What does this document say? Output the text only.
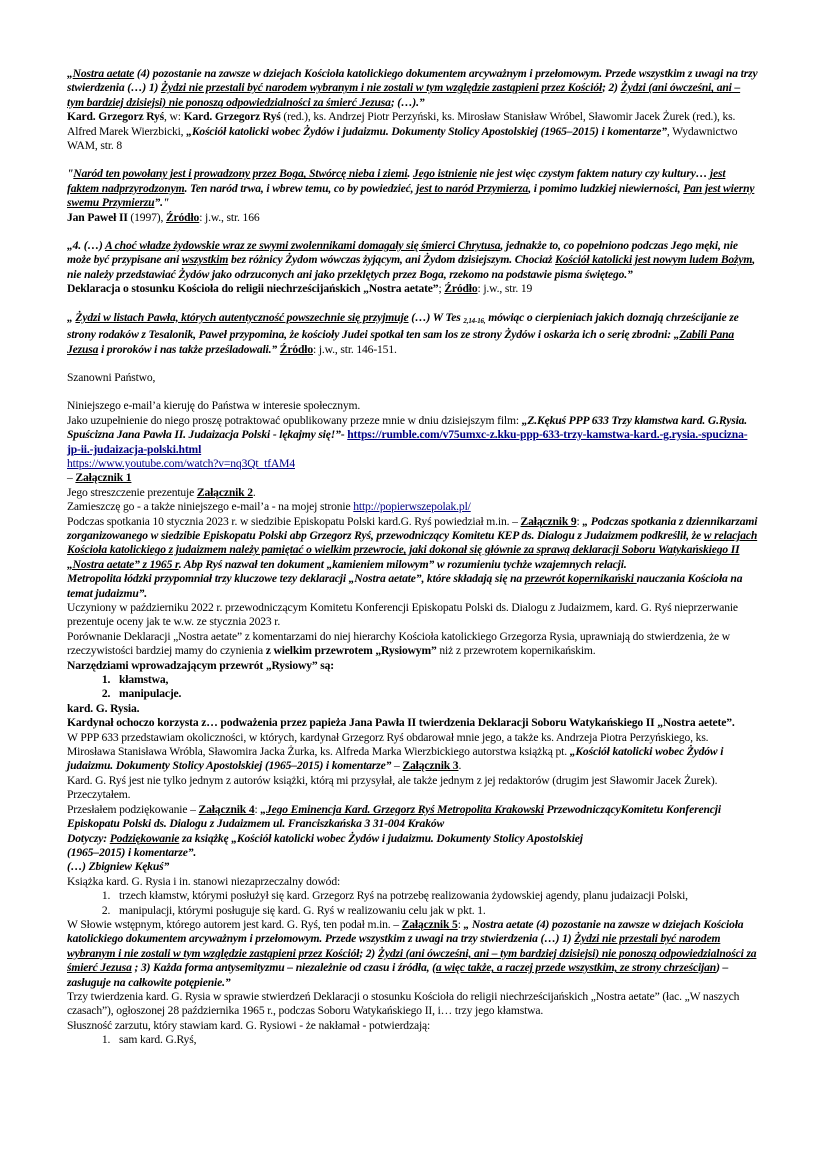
„Nostra aetate (4) pozostanie na zawsze w dziejach Kościoła katolickiego dokumentem arcyważnym i przełomowym. Przede wszystkim z uwagi na trzy stwierdzenia (…) 1) Żydzi nie przestali być narodem wybranym i nie zostali w tym względzie zastąpieni przez Kościół; 2) Żydzi (ani ówcześni, ani – tym bardziej dzisiejsi) nie ponoszą odpowiedzialności za śmierć Jezusa; (…).”

Kard. Grzegorz Ryś, w: Kard. Grzegorz Ryś (red.), ks. Andrzej Piotr Perzyński, ks. Mirosław Stanisław Wróbel, Sławomir Jacek Żurek (red.), ks. Alfred Marek Wierzbicki, „Kościół katolicki wobec Żydów i judaizmu. Dokumenty Stolicy Apostolskiej (1965–2015) i komentarze”, Wydawnictwo WAM, str. 8

"Naród ten powołany jest i prowadzony przez Boga, Stwórcę nieba i ziemi. Jego istnienie nie jest więc czystym faktem natury czy kultury… jest faktem nadprzyrodzonym. Ten naród trwa, i wbrew temu, co by powiedzieć, jest to naród Przymierza, i pomimo ludzkiej niewierności, Pan jest wierny swemu Przymierzu”."

Jan Paweł II (1997), Źródło: j.w., str. 166

„4. (…) A choć władze żydowskie wraz ze swymi zwolennikami domagały się śmierci Chrytusa, jednakże to, co popełniono podczas Jego męki, nie może być przypisane ani wszystkim bez różnicy Żydom wówczas żyjącym, ani Żydom dzisiejszym. Chociaż Kościół katolicki jest nowym ludem Bożym, nie należy przedstawiać Żydów jako odrzuconych ani jako przeklętych przez Boga, rzekomo na podstawie pisma świętego.”

Deklaracja o stosunku Kościoła do religii niechrześcijańskich „Nostra aetate”; Źródło: j.w., str. 19

„ Żydzi w listach Pawła, których autentyczność powszechnie się przyjmuje (…) W Tes $_{2,14-16,}$ mówiąc o cierpieniach jakich doznają chrześcijanie ze strony rodaków z Tesalonik, Paweł przypomina, że kościoły Judei spotkał ten sam los ze strony Żydów i oskarża ich o serię zbrodni: „Zabili Pana Jezusa i proroków i nas także prześladowali.” Źródło: j.w., str. 146-151.

Szanowni Państwo,

Niniejszego e-mail’a kieruję do Państwa w interesie społecznym.

Jako uzupełnienie do niego proszę potraktować opublikowany przeze mnie w dniu dzisiejszym film: „Z.Kękuś PPP 633 Trzy kłamstwa kard. G.Rysia. Spuścizna Jana Pawła II. Judaizacja Polski - lękajmy się!”- https://rumble.com/v75umxc-z.kku-ppp-633-trzy-kamstwa-kard.-g.rysia.-spucizna-jp-ii.-judaizacja-polski.html

https://www.youtube.com/watch?v=nq3Qt_tfAM4

– Załącznik 1

Jego streszczenie prezentuje Załącznik 2.

Zamieszczę go - a także niniejszego e-mail’a - na mojej stronie http://popierwszepolak.pl/

Podczas spotkania 10 stycznia 2023 r. w siedzibie Episkopatu Polski kard.G. Ryś powiedział m.in. – Załącznik 9: „ Podczas spotkania z dziennikarzami zorganizowanego w siedzibie Episkopatu Polski abp Grzegorz Ryś, przewodniczący Komitetu KEP ds. Dialogu z Judaizmem podkreślił, że w relacjach Kościoła katolickiego z judaizmem należy pamiętać o wielkim przewrocie, jaki dokonał się głównie za sprawą deklaracji Soboru Watykańskiego II „Nostra aetate” z 1965 r. Abp Ryś nazwał ten dokument „kamieniem milowym” w rozumieniu tychże wzajemnych relacji.

Metropolita łódzki przypomniał trzy kluczowe tezy deklaracji „Nostra aetate”, które składają się na przewrót kopernikański nauczania Kościoła na temat judaizmu”.

Uczyniony w październiku 2022 r. przewodniczącym Komitetu Konferencji Episkopatu Polski ds. Dialogu z Judaizmem, kard. G. Ryś nieprzerwanie prezentuje oceny jak te w.w. ze stycznia 2023 r.

Porównanie Deklaracji „Nostra aetate” z komentarzami do niej hierarchy Kościoła katolickiego Grzegorza Rysia, uprawniają do stwierdzenia, że w rzeczywistości bardziej mamy do czynienia z wielkim przewrotem „Rysiowym” niż z przewrotem kopernikańskim.

Narzędziami wprowadzającym przewrót „Rysiowy” są:

1. kłamstwa,
2. manipulacje.

kard. G. Rysia.

Kardynał ochoczo korzysta z… podważenia przez papieża Jana Pawła II twierdzenia Deklaracji Soboru Watykańskiego II „Nostra aetete”.

W PPP 633 przedstawiam okoliczności, w których, kardynał Grzegorz Ryś obdarował mnie jego, a także ks. Andrzeja Piotra Perzyńskiego, ks. Mirosława Stanisława Wróbla, Sławomira Jacka Żurka, ks. Alfreda Marka Wierzbickiego autorstwa książką pt. „Kościół katolicki wobec Żydów i judaizmu. Dokumenty Stolicy Apostolskiej (1965–2015) i komentarze” – Załącznik 3.

Kard. G. Ryś jest nie tylko jednym z autorów książki, którą mi przysyłał, ale także jednym z jej redaktorów (drugim jest Sławomir Jacek Żurek).

Przeczytałem.

Przesłałem podziękowanie – Załącznik 4: „Jego Eminencja Kard. Grzegorz Ryś Metropolita Krakowski PrzewodniczącyKomitetu Konferencji Episkopatu Polski ds. Dialogu z Judaizmem ul. Franciszkańska 3 31-004 Kraków

Dotyczy: Podziękowanie za książkę „Kościół katolicki wobec Żydów i judaizmu. Dokumenty Stolicy Apostolskiej

(1965–2015) i komentarze”.

(…) Zbigniew Kękuś”

Książka kard. G. Rysia i in. stanowi niezaprzeczalny dowód:

1. trzech kłamstw, którymi posłużył się kard. Grzegorz Ryś na potrzebę realizowania żydowskiej agendy, planu judaizacji Polski,
2. manipulacji, którymi posługuje się kard. G. Ryś w realizowaniu celu jak w pkt. 1.

W Słowie wstępnym, którego autorem jest kard. G. Ryś, ten podał m.in. – Załącznik 5: „ Nostra aetate (4) pozostanie na zawsze w dziejach Kościoła katolickiego dokumentem arcyważnym i przełomowym. Przede wszystkim z uwagi na trzy stwierdzenia (…) 1) Żydzi nie przestali być narodem wybranym i nie zostali w tym względzie zastąpieni przez Kościół; 2) Żydzi (ani ówcześni, ani – tym bardziej dzisiejsi) nie ponoszą odpowiedzialności za śmierć Jezusa ; 3) Każda forma antysemityzmu – niezależnie od czasu i źródła, (a więc także, a raczej przede wszystkim, ze strony chrześcijan) – zasługuje na całkowite potępienie.”

Trzy twierdzenia kard. G. Rysia w sprawie stwierdzeń Deklaracji o stosunku Kościoła do religii niechrześcijańskich „Nostra aetate” (łac. „W naszych czasach”), ogłoszonej 28 października 1965 r., podczas Soboru Watykańskiego II, i… trzy jego kłamstwa.

Słuszność zarzutu, który stawiam kard. G. Rysiowi - że nakłamał - potwierdzają:

1. sam kard. G.Ryś,
